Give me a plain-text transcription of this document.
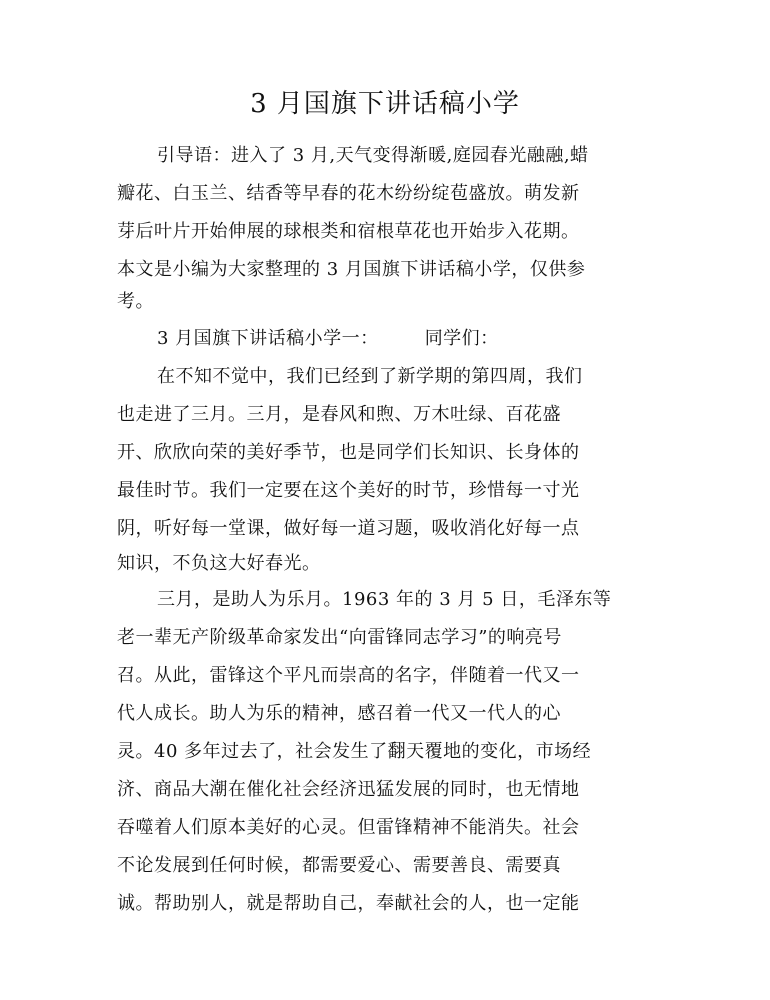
3 月国旗下讲话稿小学
引导语：进入了 3 月,天气变得渐暖,庭园春光融融,蜡
瓣花、白玉兰、结香等早春的花木纷纷绽苞盛放。萌发新
芽后叶片开始伸展的球根类和宿根草花也开始步入花期。
本文是小编为大家整理的 3 月国旗下讲话稿小学，仅供参
考。
3 月国旗下讲话稿小学一：	同学们：
在不知不觉中，我们已经到了新学期的第四周，我们
也走进了三月。三月，是春风和煦、万木吐绿、百花盛
开、欣欣向荣的美好季节，也是同学们长知识、长身体的
最佳时节。我们一定要在这个美好的时节，珍惜每一寸光
阴，听好每一堂课，做好每一道习题，吸收消化好每一点
知识，不负这大好春光。
三月，是助人为乐月。1963 年的 3 月 5 日，毛泽东等
老一辈无产阶级革命家发出“向雷锋同志学习”的响亮号
召。从此，雷锋这个平凡而崇高的名字，伴随着一代又一
代人成长。助人为乐的精神，感召着一代又一代人的心
灵。40 多年过去了，社会发生了翻天覆地的变化，市场经
济、商品大潮在催化社会经济迅猛发展的同时，也无情地
吞噬着人们原本美好的心灵。但雷锋精神不能消失。社会
不论发展到任何时候，都需要爱心、需要善良、需要真
诚。帮助别人，就是帮助自己，奉献社会的人，也一定能
